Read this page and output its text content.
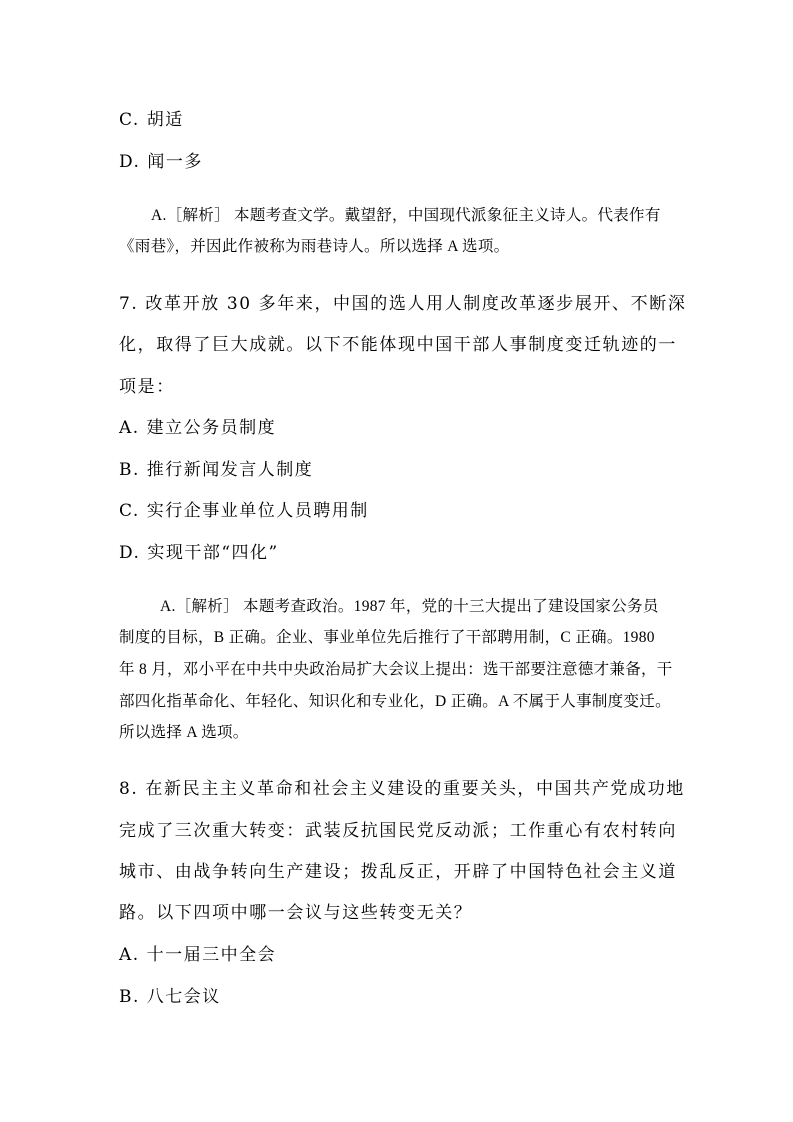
C. 胡适
D. 闻一多
A.［解析］ 本题考查文学。戴望舒，中国现代派象征主义诗人。代表作有
《雨巷》，并因此作被称为雨巷诗人。所以选择 A 选项。
7. 改革开放 30 多年来，中国的选人用人制度改革逐步展开、不断深
化，取得了巨大成就。以下不能体现中国干部人事制度变迁轨迹的一
项是：
A. 建立公务员制度
B. 推行新闻发言人制度
C. 实行企事业单位人员聘用制
D. 实现干部“四化”
A.［解析］ 本题考查政治。1987 年，党的十三大提出了建设国家公务员
制度的目标，B 正确。企业、事业单位先后推行了干部聘用制，C 正确。1980
年 8 月，邓小平在中共中央政治局扩大会议上提出：选干部要注意德才兼备，干
部四化指革命化、年轻化、知识化和专业化，D 正确。A 不属于人事制度变迁。
所以选择 A 选项。
8. 在新民主主义革命和社会主义建设的重要关头，中国共产党成功地
完成了三次重大转变：武装反抗国民党反动派；工作重心有农村转向
城市、由战争转向生产建设；拨乱反正，开辟了中国特色社会主义道
路。以下四项中哪一会议与这些转变无关？
A. 十一届三中全会
B. 八七会议
